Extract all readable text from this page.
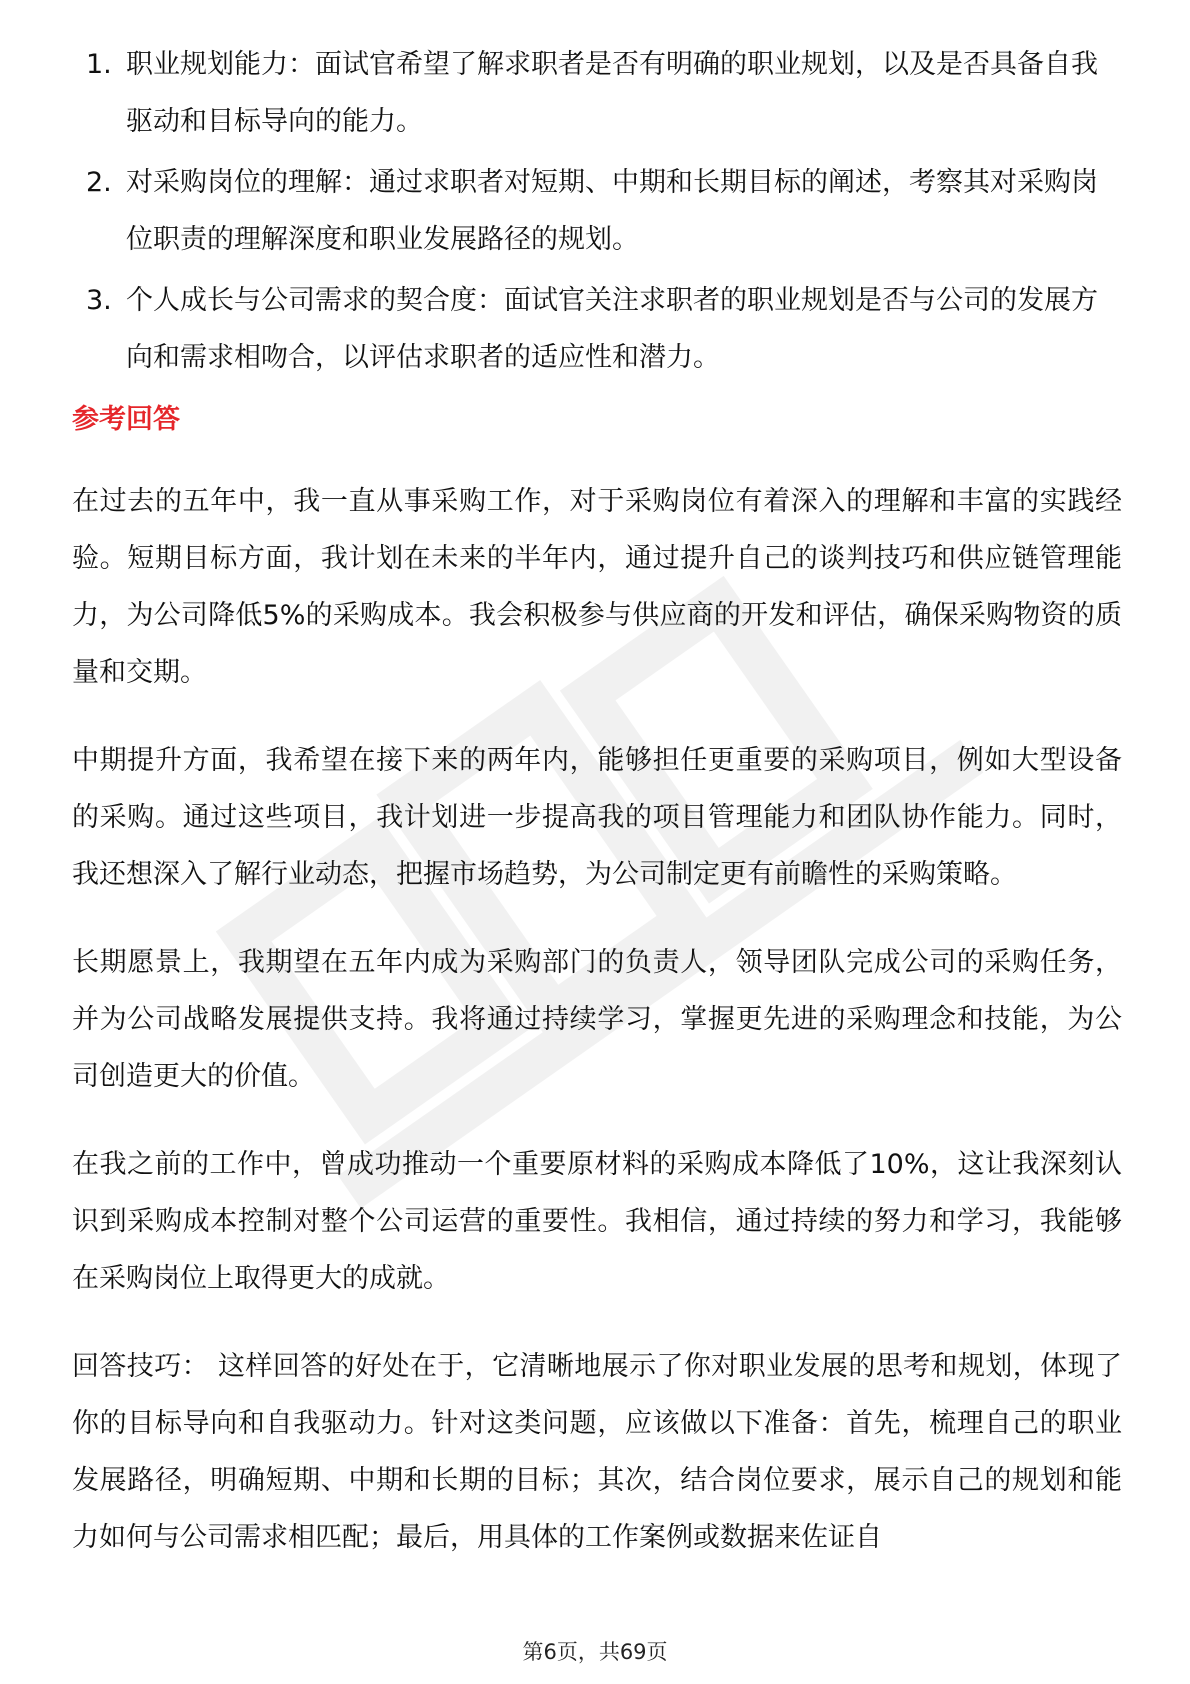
1. 职业规划能力：面试官希望了解求职者是否有明确的职业规划，以及是否具备自我驱动和目标导向的能力。
2. 对采购岗位的理解：通过求职者对短期、中期和长期目标的阐述，考察其对采购岗位职责的理解深度和职业发展路径的规划。
3. 个人成长与公司需求的契合度：面试官关注求职者的职业规划是否与公司的发展方向和需求相吻合，以评估求职者的适应性和潜力。
参考回答

在过去的五年中，我一直从事采购工作，对于采购岗位有着深入的理解和丰富的实践经验。短期目标方面，我计划在未来的半年内，通过提升自己的谈判技巧和供应链管理能力，为公司降低5%的采购成本。我会积极参与供应商的开发和评估，确保采购物资的质量和交期。

中期提升方面，我希望在接下来的两年内，能够担任更重要的采购项目，例如大型设备的采购。通过这些项目，我计划进一步提高我的项目管理能力和团队协作能力。同时，我还想深入了解行业动态，把握市场趋势，为公司制定更有前瞻性的采购策略。

长期愿景上，我期望在五年内成为采购部门的负责人，领导团队完成公司的采购任务，并为公司战略发展提供支持。我将通过持续学习，掌握更先进的采购理念和技能，为公司创造更大的价值。

在我之前的工作中，曾成功推动一个重要原材料的采购成本降低了10%，这让我深刻认识到采购成本控制对整个公司运营的重要性。我相信，通过持续的努力和学习，我能够在采购岗位上取得更大的成就。

回答技巧： 这样回答的好处在于，它清晰地展示了你对职业发展的思考和规划，体现了你的目标导向和自我驱动力。针对这类问题，应该做以下准备：首先，梳理自己的职业发展路径，明确短期、中期和长期的目标；其次，结合岗位要求，展示自己的规划和能力如何与公司需求相匹配；最后，用具体的工作案例或数据来佐证自

第6页，共69页
